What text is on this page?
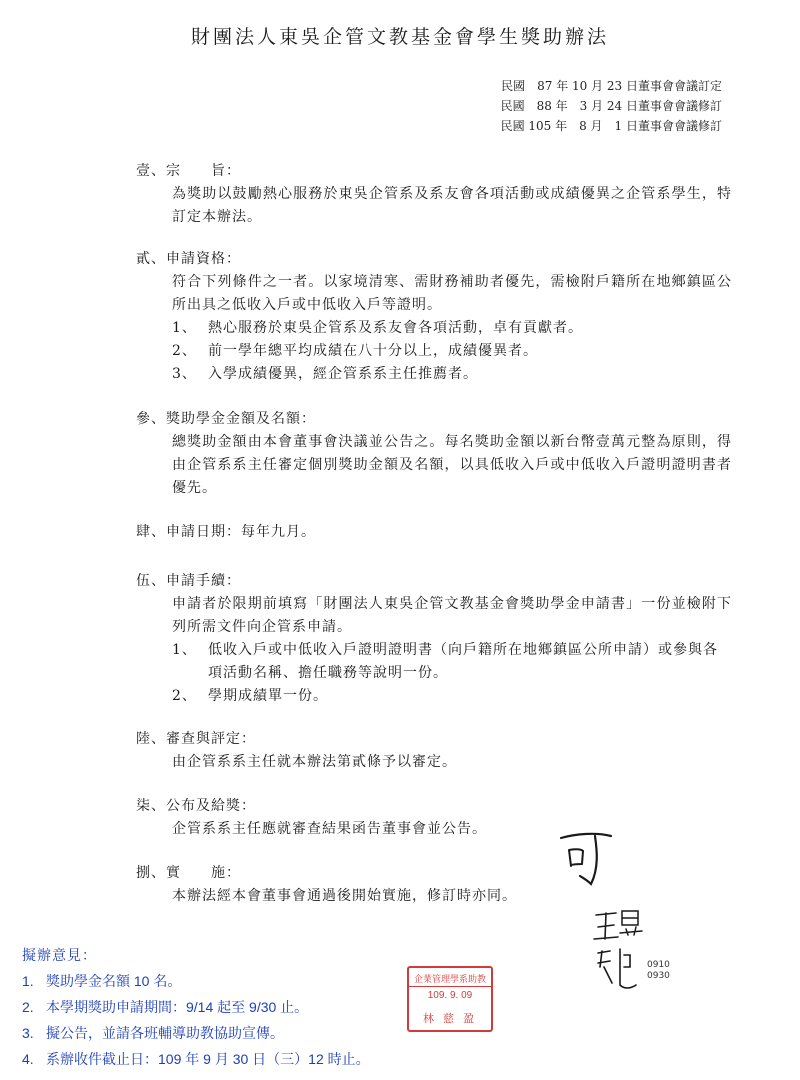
財團法人東吳企管文教基金會學生獎助辦法
民國　87 年 10 月 23 日董事會會議訂定
民國　88 年　3 月 24 日董事會會議修訂
民國 105 年　8 月　1 日董事會會議修訂
壹、宗　　旨：

為獎助以鼓勵熱心服務於東吳企管系及系友會各項活動或成績優異之企管系學生，特訂定本辦法。

貳、申請資格：

符合下列條件之一者。以家境清寒、需財務補助者優先，需檢附戶籍所在地鄉鎮區公所出具之低收入戶或中低收入戶等證明。

1、 熱心服務於東吳企管系及系友會各項活動，卓有貢獻者。
2、 前一學年總平均成績在八十分以上，成績優異者。
3、 入學成績優異，經企管系系主任推薦者。
參、獎助學金金額及名額：

總獎助金額由本會董事會決議並公告之。每名獎助金額以新台幣壹萬元整為原則，得由企管系系主任審定個別獎助金額及名額，以具低收入戶或中低收入戶證明證明書者優先。

肆、申請日期：每年九月。
伍、申請手續：

申請者於限期前填寫「財團法人東吳企管文教基金會獎助學金申請書」一份並檢附下列所需文件向企管系申請。

1、 低收入戶或中低收入戶證明證明書（向戶籍所在地鄉鎮區公所申請）或參與各項活動名稱、擔任職務等說明一份。
2、 學期成績單一份。
陸、審查與評定：

由企管系系主任就本辦法第貳條予以審定。

柒、公布及給獎：

企管系系主任應就審查結果函告董事會並公告。

捌、實　　施：

本辦法經本會董事會通過後開始實施，修訂時亦同。

0910
0930
擬辦意見：
1. 獎助學金名額 10 名。
2. 本學期獎助申請期間：9/14 起至 9/30 止。
3. 擬公告，並請各班輔導助教協助宣傳。
4. 系辦收件截止日：109 年 9 月 30 日（三）12 時止。
企業管理學系助教
109. 9. 09
林 慈 盈
